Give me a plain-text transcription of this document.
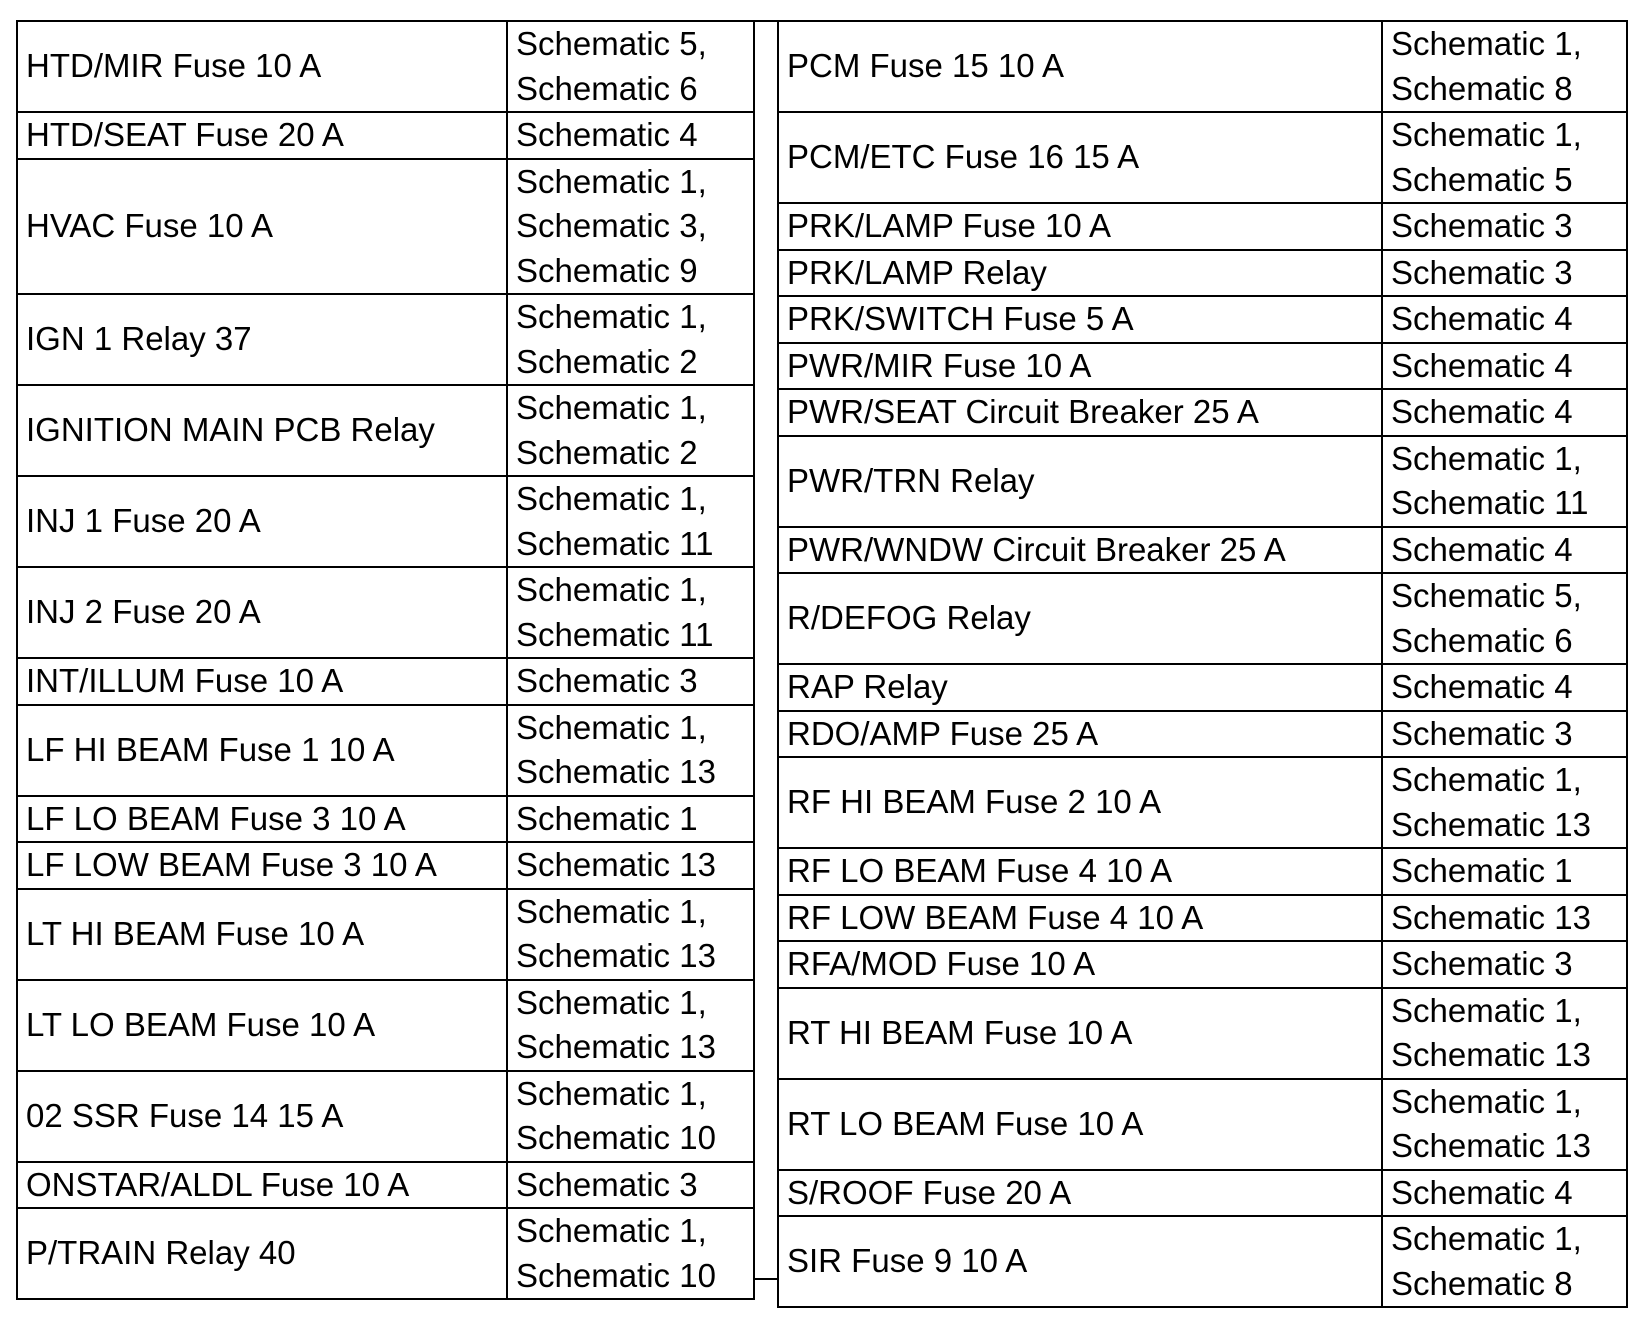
HTD/MIR Fuse 10 A	Schematic 5,
Schematic 6

HTD/SEAT Fuse 20 A	Schematic 4

HVAC Fuse 10 A	Schematic 1,
Schematic 3,
Schematic 9

IGN 1 Relay 37	Schematic 1,
Schematic 2

IGNITION MAIN PCB Relay	Schematic 1,
Schematic 2

INJ 1 Fuse 20 A	Schematic 1,
Schematic 11

INJ 2 Fuse 20 A	Schematic 1,
Schematic 11

INT/ILLUM Fuse 10 A	Schematic 3

LF HI BEAM Fuse 1 10 A	Schematic 1,
Schematic 13

LF LO BEAM Fuse 3 10 A	Schematic 1

LF LOW BEAM Fuse 3 10 A	Schematic 13

LT HI BEAM Fuse 10 A	Schematic 1,
Schematic 13

LT LO BEAM Fuse 10 A	Schematic 1,
Schematic 13

02 SSR Fuse 14 15 A	Schematic 1,
Schematic 10

ONSTAR/ALDL Fuse 10 A	Schematic 3

P/TRAIN Relay 40	Schematic 1,
Schematic 10
PCM Fuse 15 10 A	Schematic 1,
Schematic 8

PCM/ETC Fuse 16 15 A	Schematic 1,
Schematic 5

PRK/LAMP Fuse 10 A	Schematic 3

PRK/LAMP Relay	Schematic 3

PRK/SWITCH Fuse 5 A	Schematic 4

PWR/MIR Fuse 10 A	Schematic 4

PWR/SEAT Circuit Breaker 25 A	Schematic 4

PWR/TRN Relay	Schematic 1,
Schematic 11

PWR/WNDW Circuit Breaker 25 A	Schematic 4

R/DEFOG Relay	Schematic 5,
Schematic 6

RAP Relay	Schematic 4

RDO/AMP Fuse 25 A	Schematic 3

RF HI BEAM Fuse 2 10 A	Schematic 1,
Schematic 13

RF LO BEAM Fuse 4 10 A	Schematic 1

RF LOW BEAM Fuse 4 10 A	Schematic 13

RFA/MOD Fuse 10 A	Schematic 3

RT HI BEAM Fuse 10 A	Schematic 1,
Schematic 13

RT LO BEAM Fuse 10 A	Schematic 1,
Schematic 13

S/ROOF Fuse 20 A	Schematic 4

SIR Fuse 9 10 A	Schematic 1,
Schematic 8
